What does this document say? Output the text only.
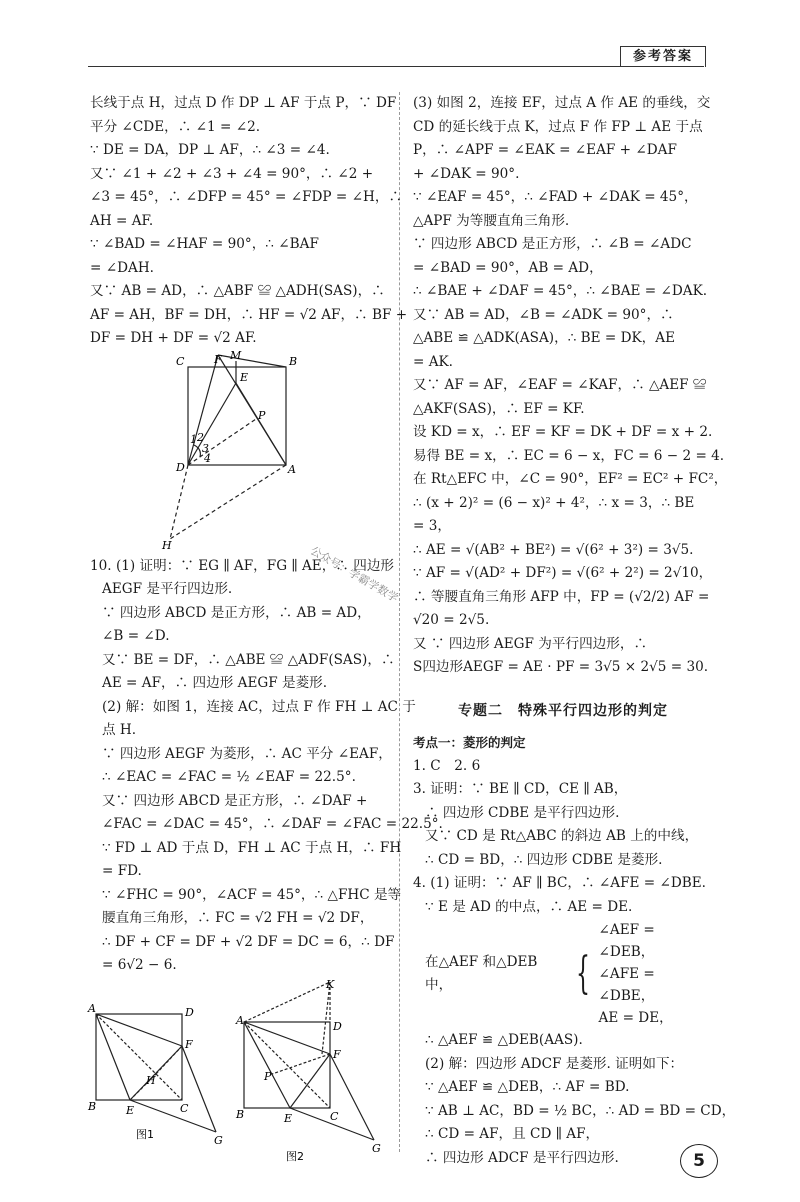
参考答案
长线于点 H，过点 D 作 DP ⊥ AF 于点 P，∵ DF
平分 ∠CDE，∴ ∠1 = ∠2.
∵ DE = DA，DP ⊥ AF，∴ ∠3 = ∠4.
又∵ ∠1 + ∠2 + ∠3 + ∠4 = 90°，∴ ∠2 +
∠3 = 45°，∴ ∠DFP = 45° = ∠FDP = ∠H，∴
AH = AF.
∵ ∠BAD = ∠HAF = 90°，∴ ∠BAF
= ∠DAH.
又∵ AB = AD，∴ △ABF ≌ △ADH(SAS)，∴
AF = AH，BF = DH，∴ HF = √2 AF，∴ BF +
DF = DH + DF = √2 AF.
C	M	B
E
P
1 2
3
4
D	A
F
H
10. (1) 证明：∵ EG ∥ AF，FG ∥ AE，∴ 四边形
AEGF 是平行四边形.
∵ 四边形 ABCD 是正方形，∴ AB = AD，
∠B = ∠D.
又∵ BE = DF，∴ △ABE ≌ △ADF(SAS)，∴
AE = AF，∴ 四边形 AEGF 是菱形.
(2) 解：如图 1，连接 AC，过点 F 作 FH ⊥ AC 于
点 H.
∵ 四边形 AEGF 为菱形，∴ AC 平分 ∠EAF，
∴ ∠EAC = ∠FAC = ½ ∠EAF = 22.5°.
又∵ 四边形 ABCD 是正方形，∴ ∠DAF +
∠FAC = ∠DAC = 45°，∴ ∠DAF = ∠FAC = 22.5°.
∵ FD ⊥ AD 于点 D，FH ⊥ AC 于点 H，∴ FH
= FD.
∵ ∠FHC = 90°，∠ACF = 45°，∴ △FHC 是等
腰直角三角形，∴ FC = √2 FH = √2 DF，
∴ DF + CF = DF + √2 DF = DC = 6，∴ DF
= 6√2 − 6.
A	D
F
H
B	E	C
G
图1
K
A	D
F
P
B	E	C
G
图2
(3) 如图 2，连接 EF，过点 A 作 AE 的垂线，交
CD 的延长线于点 K，过点 F 作 FP ⊥ AE 于点
P，∴ ∠APF = ∠EAK = ∠EAF + ∠DAF
+ ∠DAK = 90°.
∵ ∠EAF = 45°，∴ ∠FAD + ∠DAK = 45°，
△APF 为等腰直角三角形.
∵ 四边形 ABCD 是正方形，∴ ∠B = ∠ADC
= ∠BAD = 90°，AB = AD，
∴ ∠BAE + ∠DAF = 45°，∴ ∠BAE = ∠DAK.
又∵ AB = AD，∠B = ∠ADK = 90°，∴
△ABE ≌ △ADK(ASA)，∴ BE = DK，AE
= AK.
又∵ AF = AF，∠EAF = ∠KAF，∴ △AEF ≌
△AKF(SAS)，∴ EF = KF.
设 KD = x，∴ EF = KF = DK + DF = x + 2.
易得 BE = x，∴ EC = 6 − x，FC = 6 − 2 = 4.
在 Rt△EFC 中，∠C = 90°，EF² = EC² + FC²，
∴ (x + 2)² = (6 − x)² + 4²，∴ x = 3，∴ BE
= 3，
∴ AE = √(AB² + BE²) = √(6² + 3²) = 3√5.
∵ AF = √(AD² + DF²) = √(6² + 2²) = 2√10，
∴ 等腰直角三角形 AFP 中，FP = (√2/2) AF =
√20 = 2√5.
又 ∵ 四边形 AEGF 为平行四边形，∴
S四边形AEGF = AE · PF = 3√5 × 2√5 = 30.
专题二　特殊平行四边形的判定
考点一：菱形的判定
1. C　2. 6
3. 证明：∵ BE ∥ CD，CE ∥ AB，
∴ 四边形 CDBE 是平行四边形.
又∵ CD 是 Rt△ABC 的斜边 AB 上的中线，
∴ CD = BD，∴ 四边形 CDBE 是菱形.
4. (1) 证明：∵ AF ∥ BC，∴ ∠AFE = ∠DBE.
∵ E 是 AD 的中点，∴ AE = DE.
在△AEF 和△DEB 中，	{
∠AEF = ∠DEB，
∠AFE = ∠DBE，
AE = DE，
∴ △AEF ≌ △DEB(AAS).
(2) 解：四边形 ADCF 是菱形. 证明如下：
∵ △AEF ≌ △DEB，∴ AF = BD.
∵ AB ⊥ AC，BD = ½ BC，∴ AD = BD = CD，
∴ CD = AF，且 CD ∥ AF，
∴ 四边形 ADCF 是平行四边形.
公众号：学霸学数学
5
